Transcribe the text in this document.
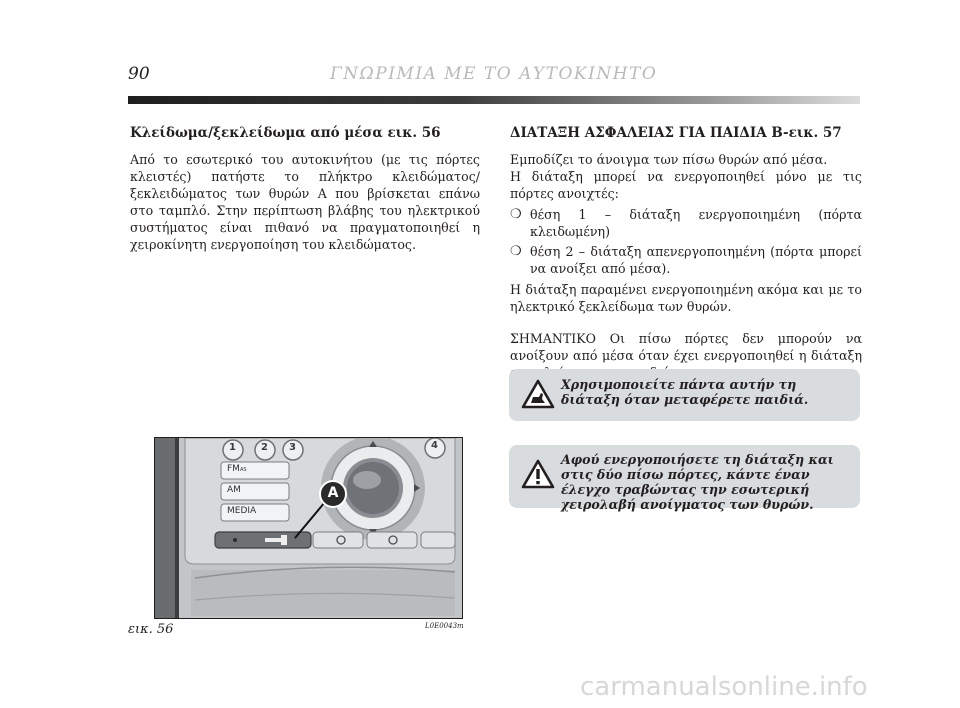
90	ΓΝΩΡΙΜΙΑ ΜΕ ΤΟ ΑΥΤΟΚΙΝΗΤΟ
Κλείδωμα/ξεκλείδωμα από μέσα εικ. 56

Από το εσωτερικό του αυτοκινήτου (με τις πόρτες κλειστές) πατήστε το πλήκτρο κλειδώματος/ξεκλειδώματος των θυρών A που βρίσκεται επάνω στο ταμπλό. Στην περίπτωση βλάβης του ηλεκτρικού συστήματος είναι πιθανό να πραγματοποιηθεί η χειροκίνητη ενεργοποίηση του κλειδώματος.

ΔΙΑΤΑΞΗ ΑΣΦΑΛΕΙΑΣ ΓΙΑ ΠΑΙΔΙΑ B-εικ. 57

Εμποδίζει το άνοιγμα των πίσω θυρών από μέσα.

Η διάταξη μπορεί να ενεργοποιηθεί μόνο με τις πόρτες ανοιχτές:

❍ θέση 1 – διάταξη ενεργοποιημένη (πόρτα κλειδωμένη)
❍ θέση 2 – διάταξη απενεργοποιημένη (πόρτα μπορεί να ανοίξει από μέσα).

Η διάταξη παραμένει ενεργοποιημένη ακόμα και με το ηλεκτρικό ξεκλείδωμα των θυρών.

ΣΗΜΑΝΤΙΚΟ Οι πίσω πόρτες δεν μπορούν να ανοίξουν από μέσα όταν έχει ενεργοποιηθεί η διάταξη

Χρησιμοποιείτε πάντα αυτήν τη διάταξη όταν μεταφέρετε παιδιά.
Αφού ενεργοποιήσετε τη διάταξη και στις δύο πίσω πόρτες, κάντε έναν έλεγχο τραβώντας την εσωτερική χειρολαβή ανοίγματος των θυρών.
1	2 3	4
FMAS
AM
MEDIA
A
εικ. 56	L0E0043m
carmanualsonline.info
